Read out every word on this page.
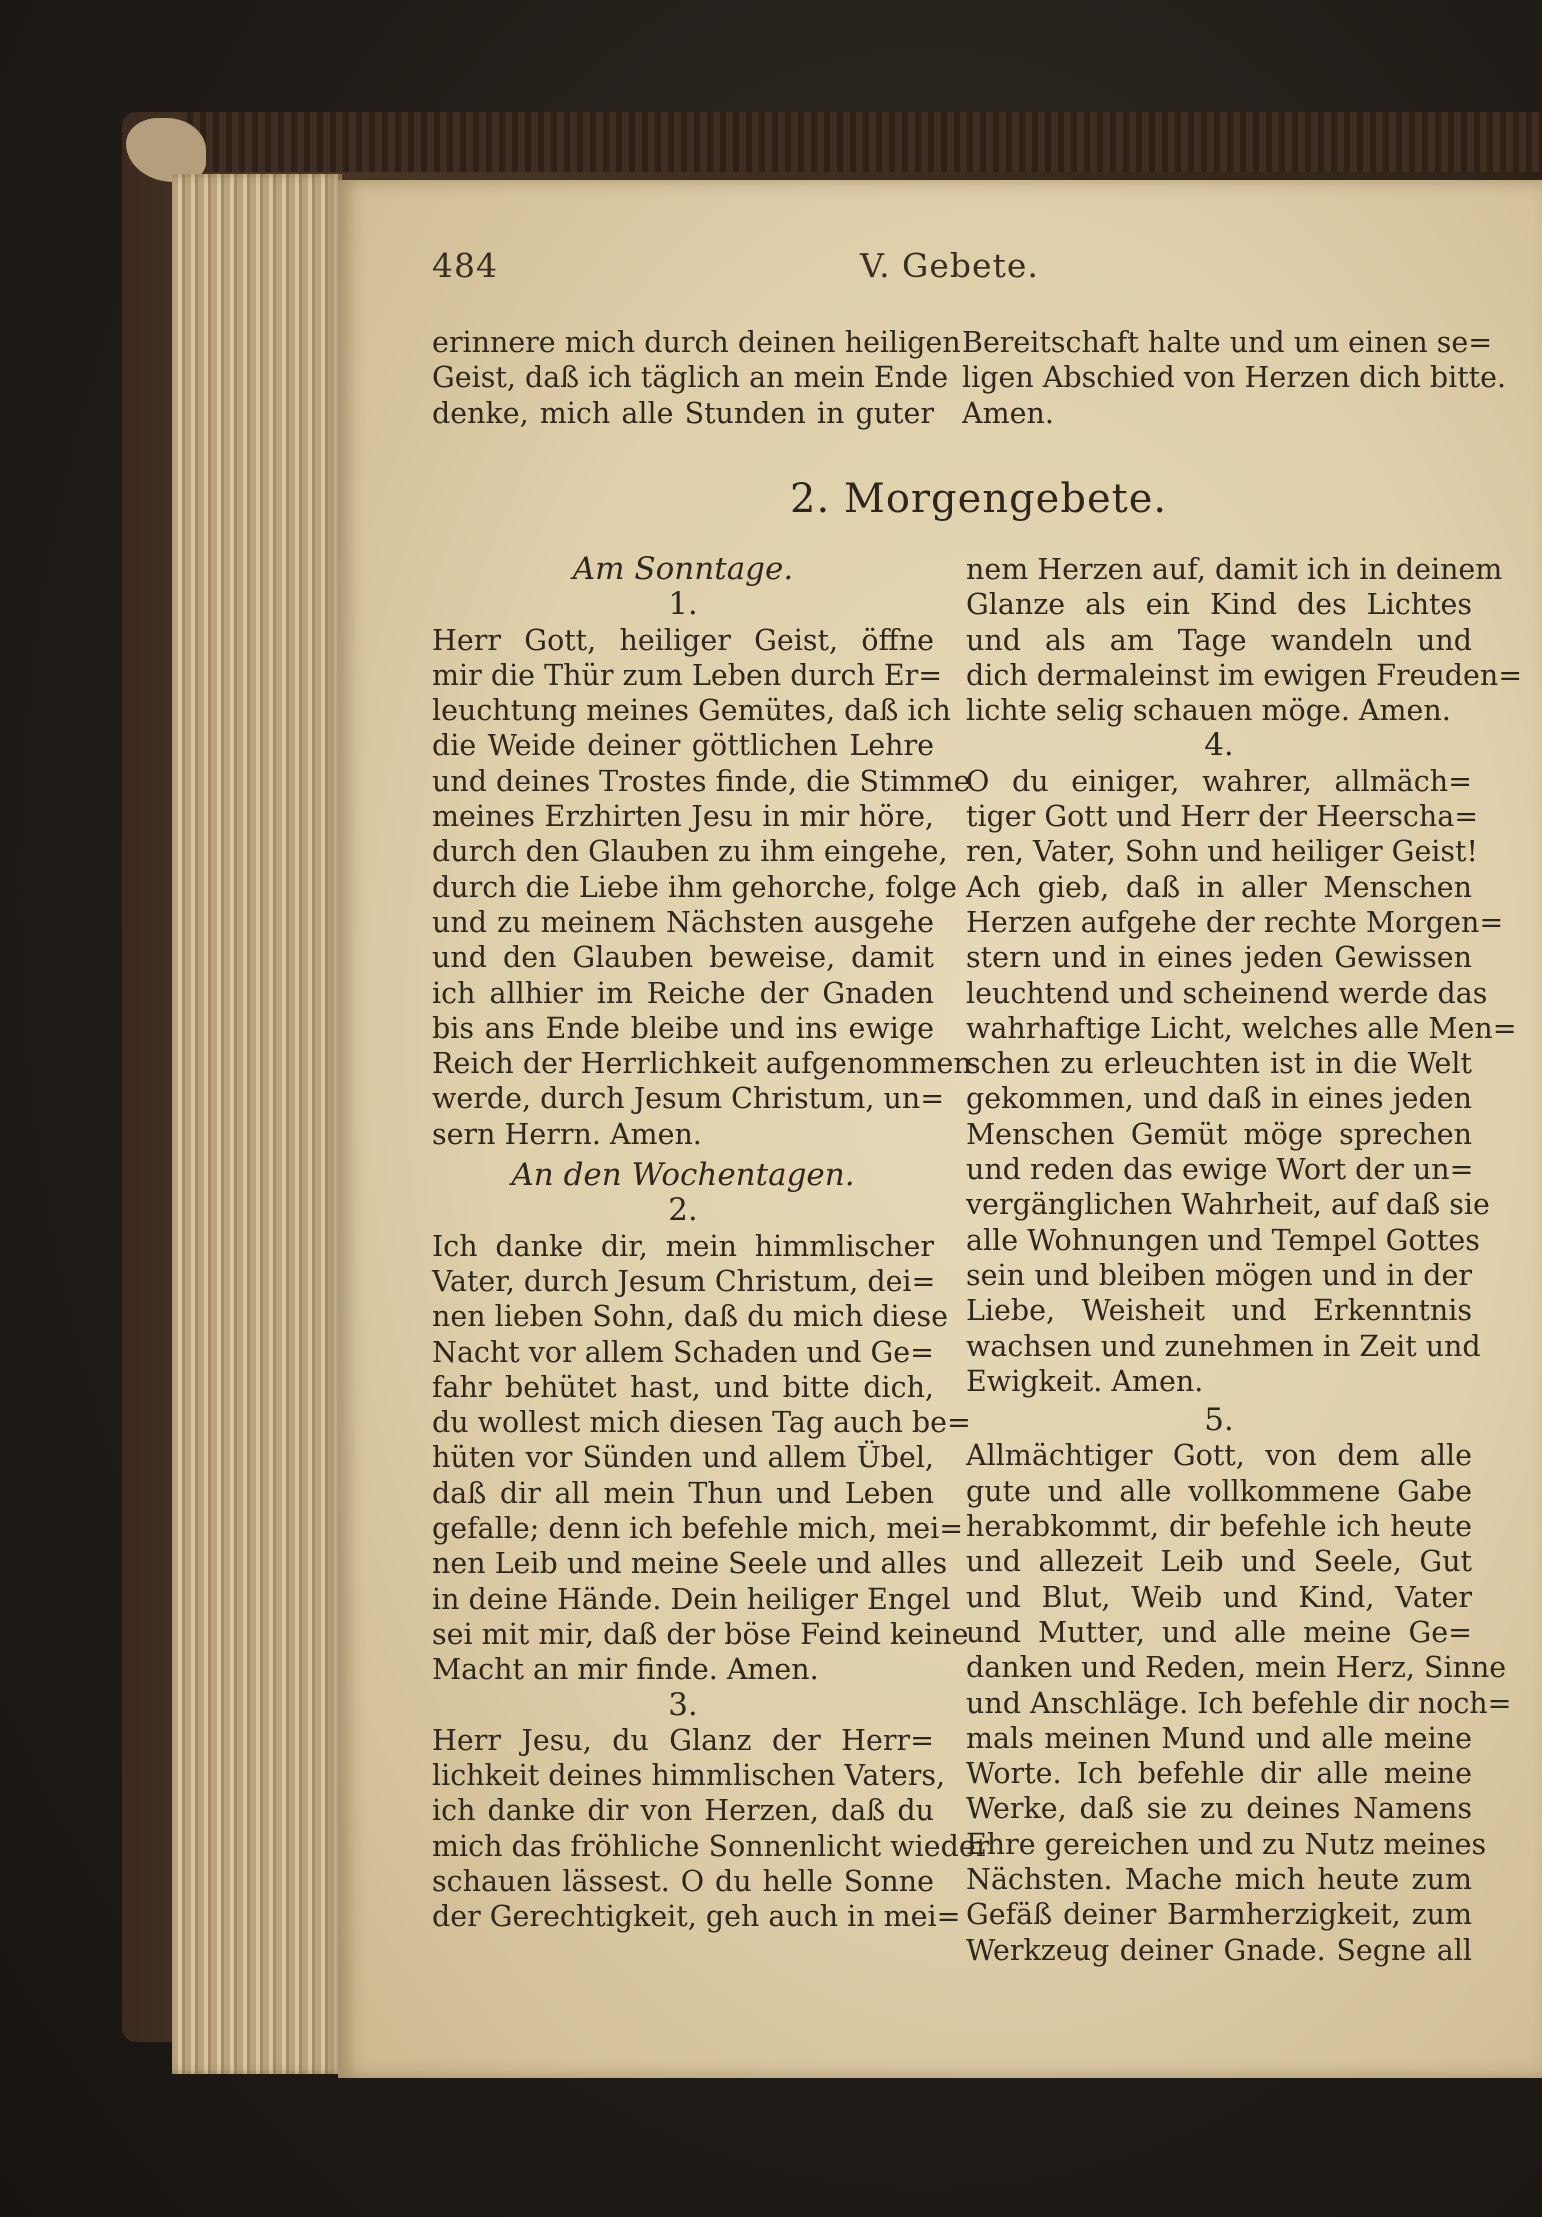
484	V. Gebete.
erinnere mich durch deinen heiligen
Geist, daß ich täglich an mein Ende
denke, mich alle Stunden in guter
Bereitschaft halte und um einen se=
ligen Abschied von Herzen dich bitte.
Amen.
2. Morgengebete.
Am Sonntage.
1.
Herr Gott, heiliger Geist, öffne
mir die Thür zum Leben durch Er=
leuchtung meines Gemütes, daß ich
die Weide deiner göttlichen Lehre
und deines Trostes finde, die Stimme
meines Erzhirten Jesu in mir höre,
durch den Glauben zu ihm eingehe,
durch die Liebe ihm gehorche, folge
und zu meinem Nächsten ausgehe
und den Glauben beweise, damit
ich allhier im Reiche der Gnaden
bis ans Ende bleibe und ins ewige
Reich der Herrlichkeit aufgenommen
werde, durch Jesum Christum, un=
sern Herrn. Amen.
An den Wochentagen.
2.
Ich danke dir, mein himmlischer
Vater, durch Jesum Christum, dei=
nen lieben Sohn, daß du mich diese
Nacht vor allem Schaden und Ge=
fahr behütet hast, und bitte dich,
du wollest mich diesen Tag auch be=
hüten vor Sünden und allem Übel,
daß dir all mein Thun und Leben
gefalle; denn ich befehle mich, mei=
nen Leib und meine Seele und alles
in deine Hände. Dein heiliger Engel
sei mit mir, daß der böse Feind keine
Macht an mir finde. Amen.
3.
Herr Jesu, du Glanz der Herr=
lichkeit deines himmlischen Vaters,
ich danke dir von Herzen, daß du
mich das fröhliche Sonnenlicht wieder
schauen lässest. O du helle Sonne
der Gerechtigkeit, geh auch in mei=
nem Herzen auf, damit ich in deinem
Glanze als ein Kind des Lichtes
und als am Tage wandeln und
dich dermaleinst im ewigen Freuden=
lichte selig schauen möge. Amen.
4.
O du einiger, wahrer, allmäch=
tiger Gott und Herr der Heerscha=
ren, Vater, Sohn und heiliger Geist!
Ach gieb, daß in aller Menschen
Herzen aufgehe der rechte Morgen=
stern und in eines jeden Gewissen
leuchtend und scheinend werde das
wahrhaftige Licht, welches alle Men=
schen zu erleuchten ist in die Welt
gekommen, und daß in eines jeden
Menschen Gemüt möge sprechen
und reden das ewige Wort der un=
vergänglichen Wahrheit, auf daß sie
alle Wohnungen und Tempel Gottes
sein und bleiben mögen und in der
Liebe, Weisheit und Erkenntnis
wachsen und zunehmen in Zeit und
Ewigkeit. Amen.
5.
Allmächtiger Gott, von dem alle
gute und alle vollkommene Gabe
herabkommt, dir befehle ich heute
und allezeit Leib und Seele, Gut
und Blut, Weib und Kind, Vater
und Mutter, und alle meine Ge=
danken und Reden, mein Herz, Sinne
und Anschläge. Ich befehle dir noch=
mals meinen Mund und alle meine
Worte. Ich befehle dir alle meine
Werke, daß sie zu deines Namens
Ehre gereichen und zu Nutz meines
Nächsten. Mache mich heute zum
Gefäß deiner Barmherzigkeit, zum
Werkzeug deiner Gnade. Segne all
